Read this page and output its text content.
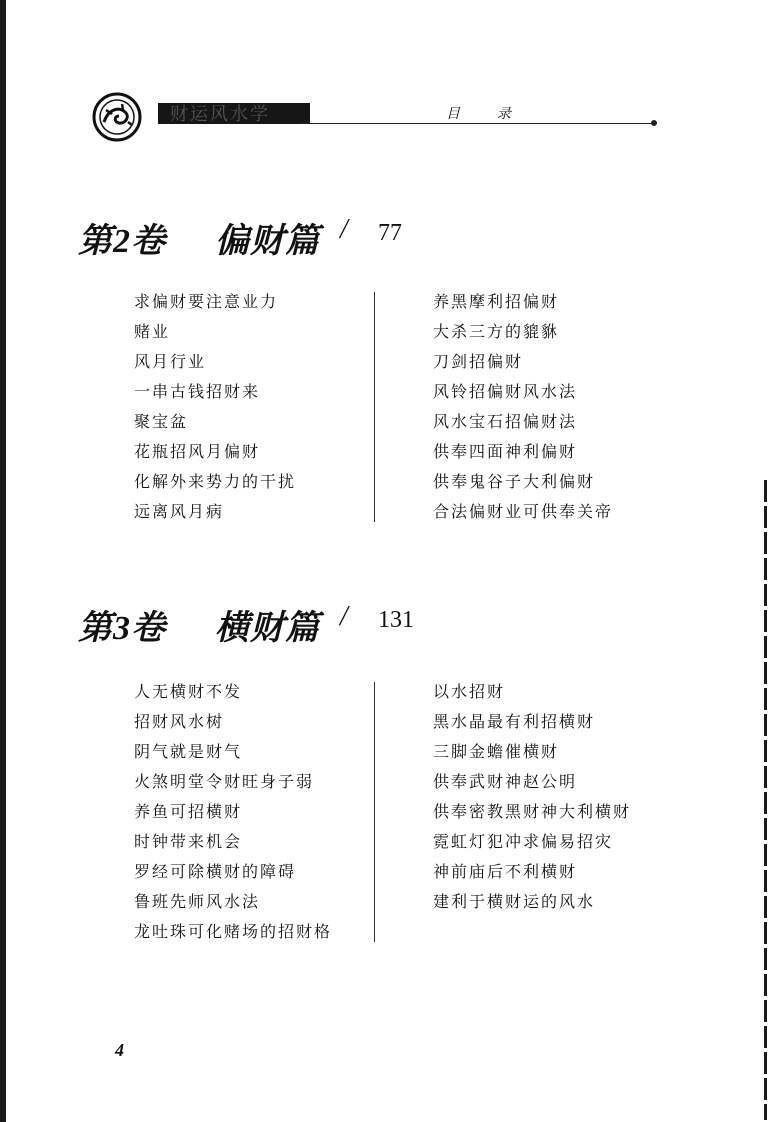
财运风水学	目	录
第2卷 偏财篇 / 77
求偏财要注意业力
赌业
风月行业
一串古钱招财来
聚宝盆
花瓶招风月偏财
化解外来势力的干扰
远离风月病
养黑摩利招偏财
大杀三方的貔貅
刀剑招偏财
风铃招偏财风水法
风水宝石招偏财法
供奉四面神利偏财
供奉鬼谷子大利偏财
合法偏财业可供奉关帝
第3卷 横财篇 / 131
人无横财不发
招财风水树
阴气就是财气
火煞明堂令财旺身子弱
养鱼可招横财
时钟带来机会
罗经可除横财的障碍
鲁班先师风水法
龙吐珠可化赌场的招财格
以水招财
黑水晶最有利招横财
三脚金蟾催横财
供奉武财神赵公明
供奉密教黑财神大利横财
霓虹灯犯冲求偏易招灾
神前庙后不利横财
建利于横财运的风水
4
